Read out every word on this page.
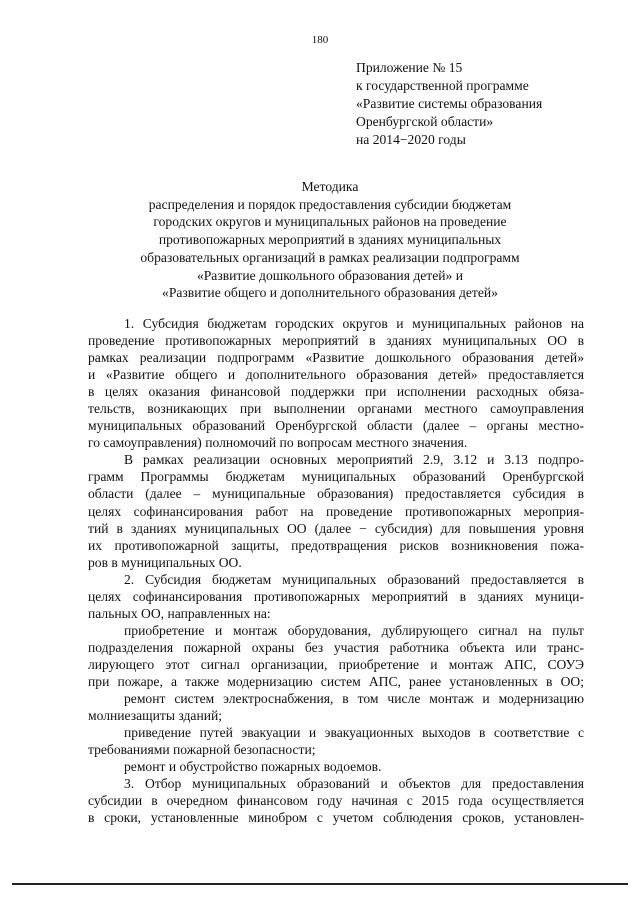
180
Приложение № 15
к государственной программе
«Развитие системы образования
Оренбургской области»
на 2014−2020 годы
Методика
распределения и порядок предоставления субсидии бюджетам
городских округов и муниципальных районов на проведение
противопожарных мероприятий в зданиях муниципальных
образовательных организаций в рамках реализации подпрограмм
«Развитие дошкольного образования детей» и
«Развитие общего и дополнительного образования детей»
1. Субсидия бюджетам городских округов и муниципальных районов на
проведение противопожарных мероприятий в зданиях муниципальных ОО в
рамках реализации подпрограмм «Развитие дошкольного образования детей»
и «Развитие общего и дополнительного образования детей» предоставляется
в целях оказания финансовой поддержки при исполнении расходных обяза-
тельств, возникающих при выполнении органами местного самоуправления
муниципальных образований Оренбургской области (далее – органы местно-
го самоуправления) полномочий по вопросам местного значения.
В рамках реализации основных мероприятий 2.9, 3.12 и 3.13 подпро-
грамм Программы бюджетам муниципальных образований Оренбургской
области (далее – муниципальные образования) предоставляется субсидия в
целях софинансирования работ на проведение противопожарных мероприя-
тий в зданиях муниципальных ОО (далее − субсидия) для повышения уровня
их противопожарной защиты, предотвращения рисков возникновения пожа-
ров в муниципальных ОО.
2. Субсидия бюджетам муниципальных образований предоставляется в
целях софинансирования противопожарных мероприятий в зданиях муници-
пальных ОО, направленных на:
приобретение и монтаж оборудования, дублирующего сигнал на пульт
подразделения пожарной охраны без участия работника объекта или транс-
лирующего этот сигнал организации, приобретение и монтаж АПС, СОУЭ
при пожаре, а также модернизацию систем АПС, ранее установленных в ОО;
ремонт систем электроснабжения, в том числе монтаж и модернизацию
молниезащиты зданий;
приведение путей эвакуации и эвакуационных выходов в соответствие с
требованиями пожарной безопасности;
ремонт и обустройство пожарных водоемов.
3. Отбор муниципальных образований и объектов для предоставления
субсидии в очередном финансовом году начиная с 2015 года осуществляется
в сроки, установленные минобром с учетом соблюдения сроков, установлен-
